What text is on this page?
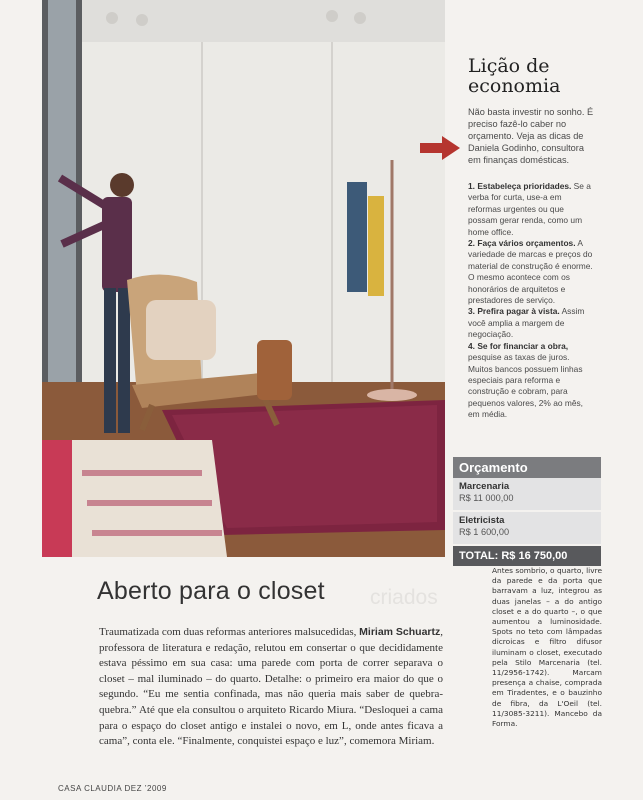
Lição de
economia
Não basta investir no sonho. É preciso fazê-lo caber no orçamento. Veja as dicas de Daniela Godinho, consultora em finanças domésticas.

1. Estabeleça prioridades. Se a verba for curta, use-a em reformas urgentes ou que possam gerar renda, como um home office.

2. Faça vários orçamentos. A variedade de marcas e preços do material de construção é enorme. O mesmo acontece com os honorários de arquitetos e prestadores de serviço.

3. Prefira pagar à vista. Assim você amplia a margem de negociação.

4. Se for financiar a obra, pesquise as taxas de juros. Muitos bancos possuem linhas especiais para reforma e construção e cobram, para pequenos valores, 2% ao mês, em média.

Orçamento
Marcenaria
R$ 11 000,00
Eletricista
R$ 1 600,00
TOTAL: R$ 16 750,00
Antes sombrio, o quarto, livre da parede e da porta que barravam a luz, integrou as duas janelas – a do antigo closet e a do quarto –, o que aumentou a luminosidade. Spots no teto com lâmpadas dicroicas e filtro difusor iluminam o closet, executado pela Stilo Marcenaria (tel. 11/2956-1742). Marcam presença a chaise, comprada em Tiradentes, e o bauzinho de fibra, da L'Oeil (tel. 11/3085-3211). Mancebo da Forma.
criados
Aberto para o closet
Traumatizada com duas reformas anteriores malsucedidas, Miriam Schuartz, professora de literatura e redação, relutou em consertar o que decididamente estava péssimo em sua casa: uma parede com porta de correr separava o closet – mal iluminado – do quarto. Detalhe: o primeiro era maior do que o segundo. “Eu me sentia confinada, mas não queria mais saber de quebra-quebra.” Até que ela consultou o arquiteto Ricardo Miura. “Desloquei a cama para o espaço do closet antigo e instalei o novo, em L, onde antes ficava a cama”, conta ele. “Finalmente, conquistei espaço e luz”, comemora Miriam.
CASA CLAUDIA DEZ ’2009
